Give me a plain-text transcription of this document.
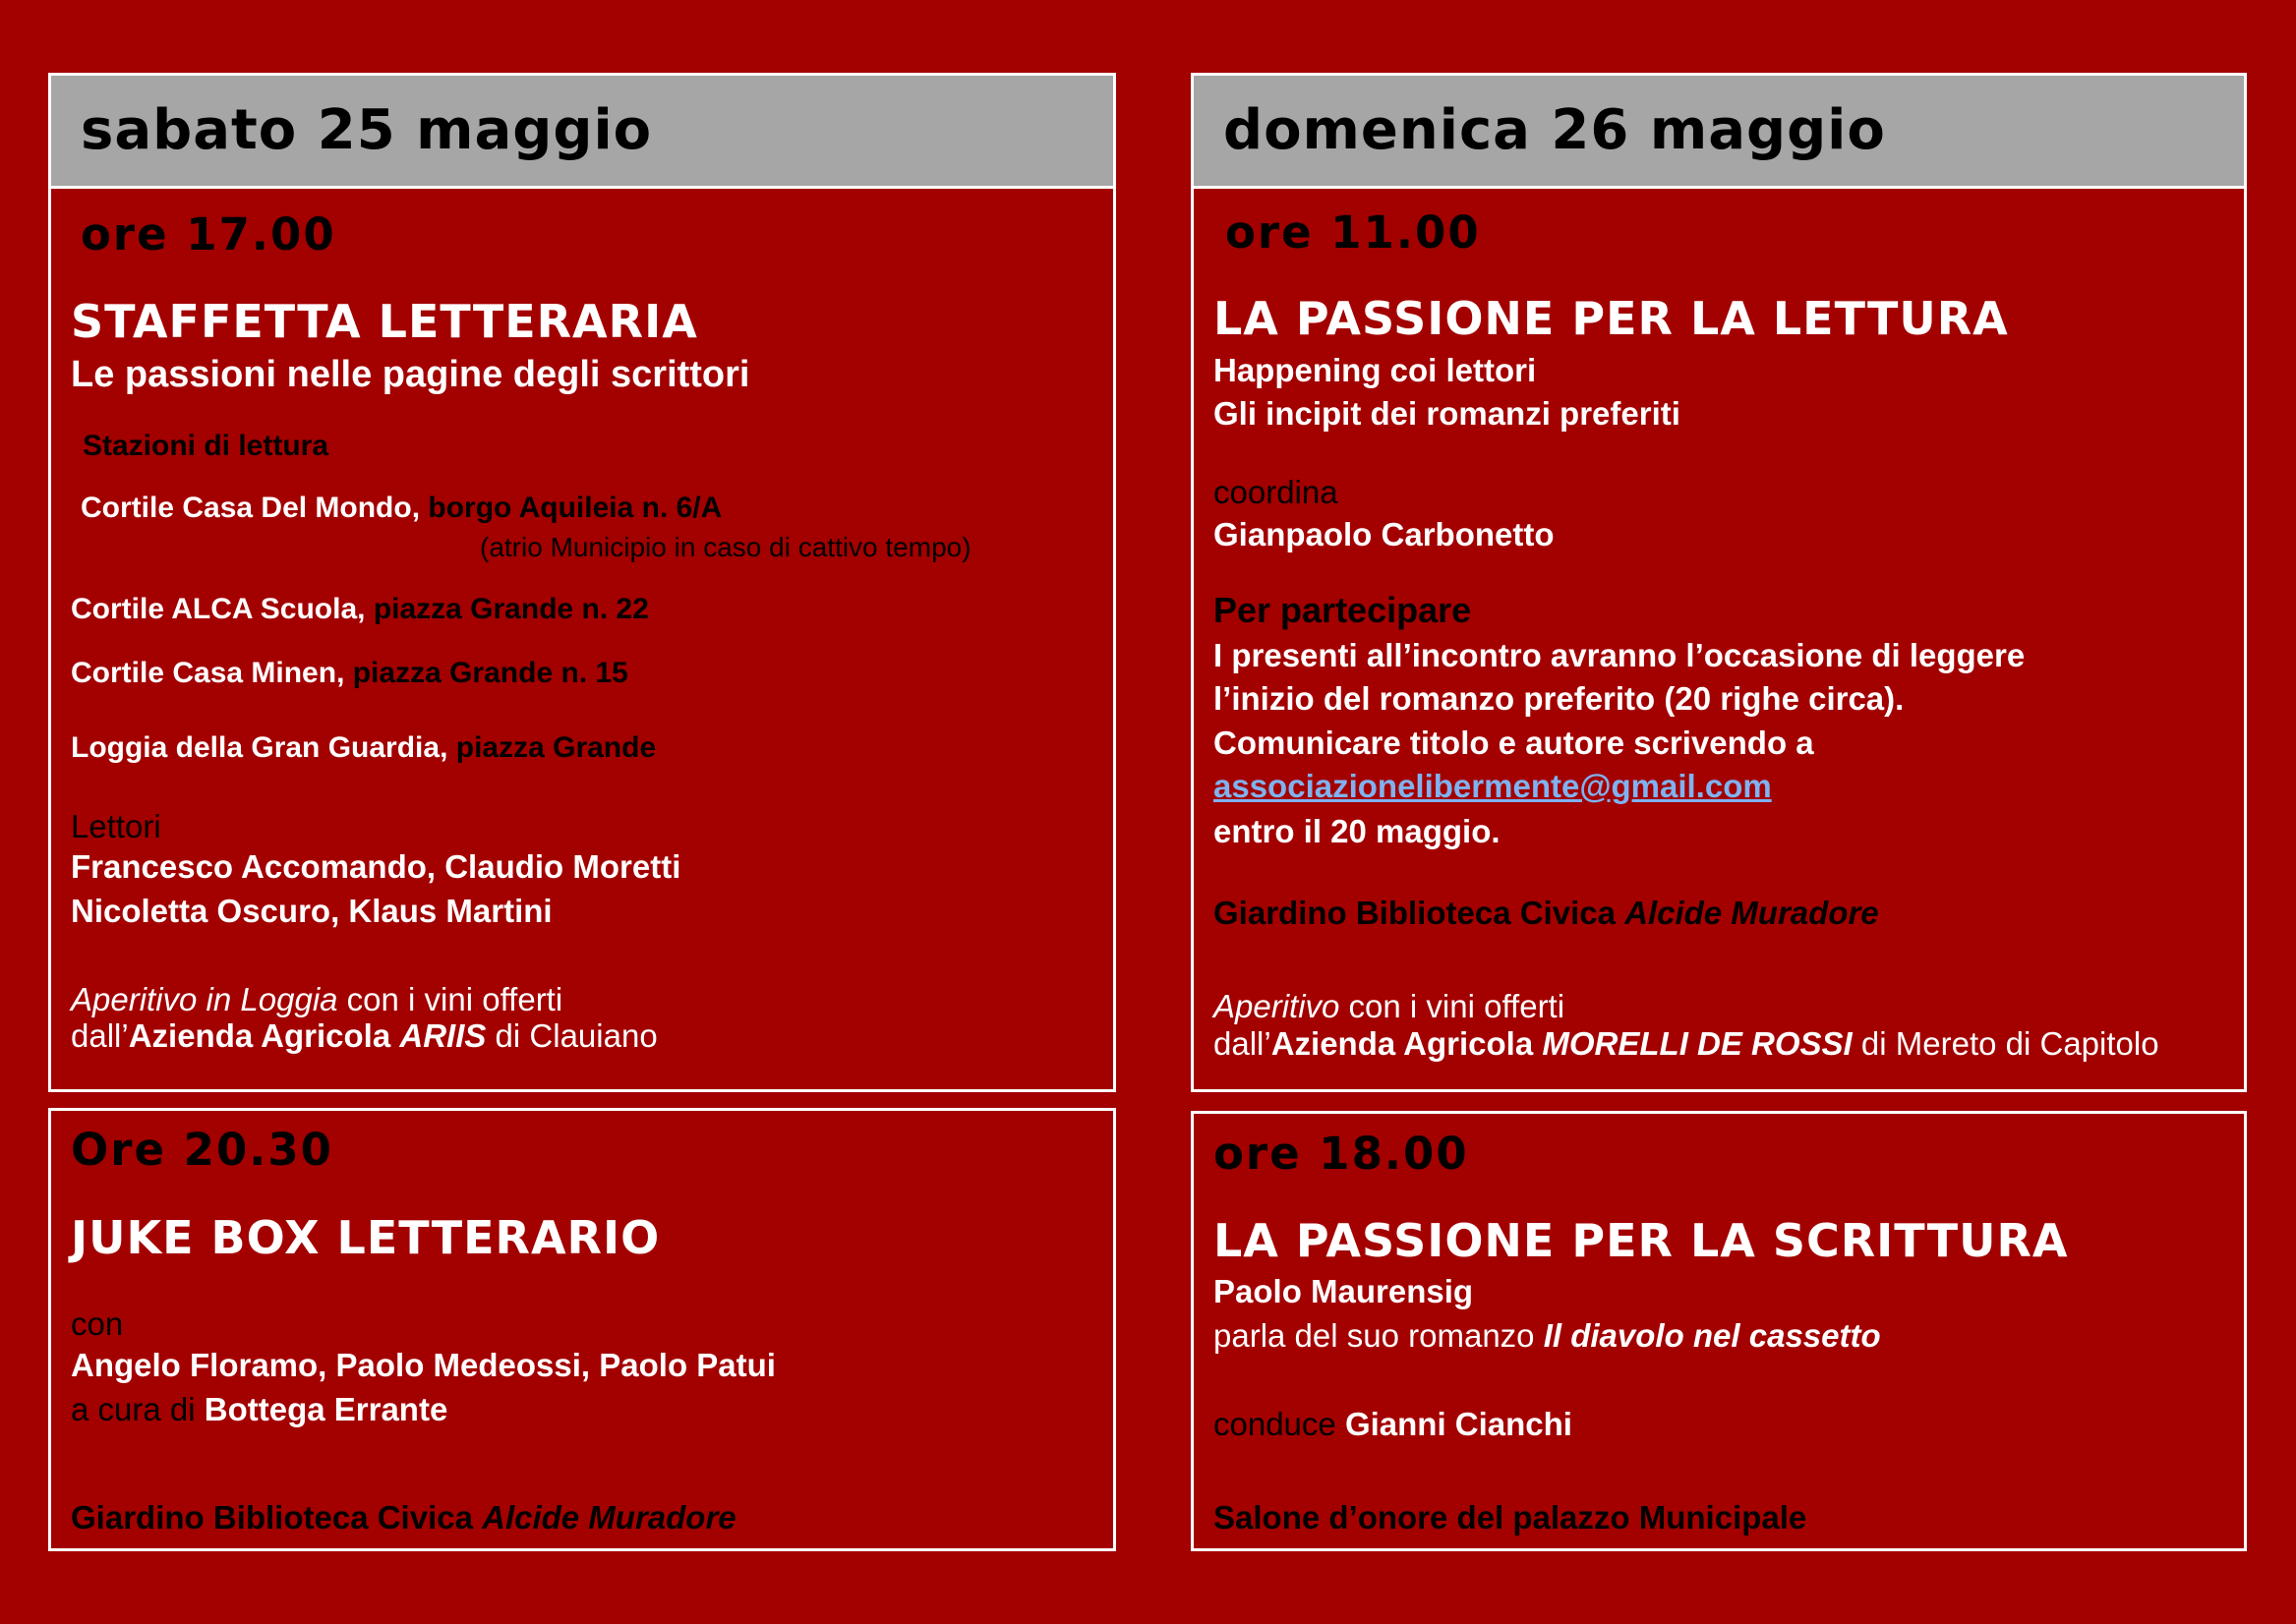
sabato 25 maggio
ore 17.00
STAFFETTA LETTERARIA
Le passioni nelle pagine degli scrittori
Stazioni di lettura
Cortile Casa Del Mondo, borgo Aquileia n. 6/A
(atrio Municipio in caso di cattivo tempo)
Cortile ALCA Scuola, piazza Grande n. 22
Cortile Casa Minen, piazza Grande n. 15
Loggia della Gran Guardia, piazza Grande
Lettori
Francesco Accomando, Claudio Moretti
Nicoletta Oscuro, Klaus Martini
Aperitivo in Loggia con i vini offerti
dall’Azienda Agricola ARIIS di Clauiano
Ore 20.30
JUKE BOX LETTERARIO
con
Angelo Floramo, Paolo Medeossi, Paolo Patui
a cura di Bottega Errante
Giardino Biblioteca Civica Alcide Muradore
domenica 26 maggio
ore 11.00
LA PASSIONE PER LA LETTURA
Happening coi lettori
Gli incipit dei romanzi preferiti
coordina
Gianpaolo Carbonetto
Per partecipare
I presenti all’incontro avranno l’occasione di leggere
l’inizio del romanzo preferito (20 righe circa).
Comunicare titolo e autore scrivendo a
associazionelibermente@gmail.com
entro il 20 maggio.
Giardino Biblioteca Civica Alcide Muradore
Aperitivo con i vini offerti
dall’Azienda Agricola MORELLI DE ROSSI di Mereto di Capitolo
ore 18.00
LA PASSIONE PER LA SCRITTURA
Paolo Maurensig
parla del suo romanzo Il diavolo nel cassetto
conduce Gianni Cianchi
Salone d’onore del palazzo Municipale
